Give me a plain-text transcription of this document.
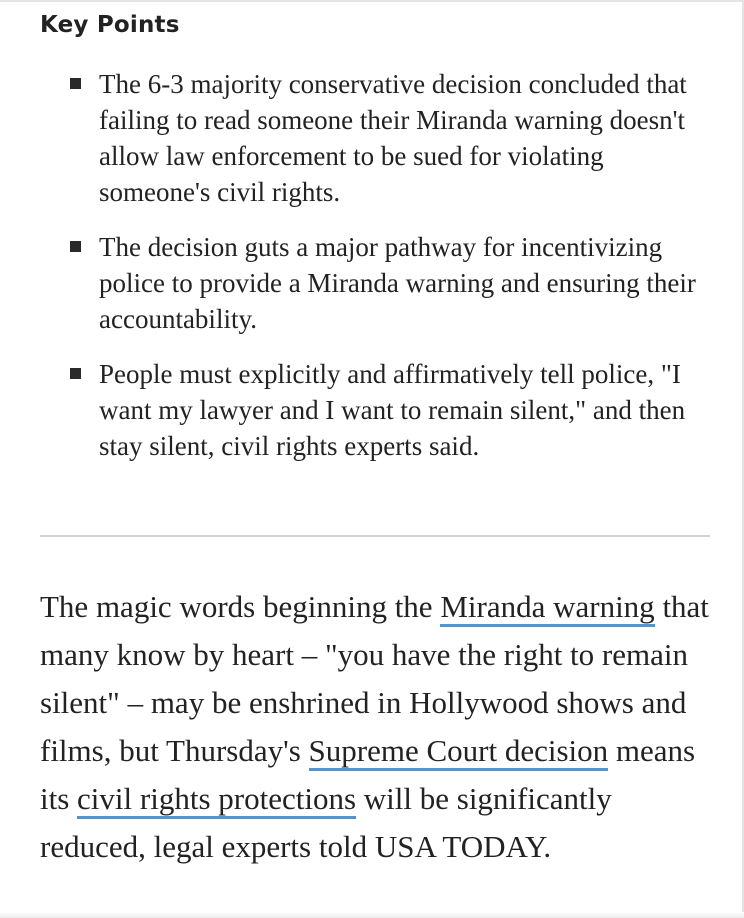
Key Points
The 6-3 majority conservative decision concluded that failing to read someone their Miranda warning doesn't allow law enforcement to be sued for violating someone's civil rights.
The decision guts a major pathway for incentivizing police to provide a Miranda warning and ensuring their accountability.
People must explicitly and affirmatively tell police, "I want my lawyer and I want to remain silent," and then stay silent, civil rights experts said.

The magic words beginning the Miranda warning that many know by heart – "you have the right to remain silent" – may be enshrined in Hollywood shows and films, but Thursday's Supreme Court decision means its civil rights protections will be significantly reduced, legal experts told USA TODAY.
